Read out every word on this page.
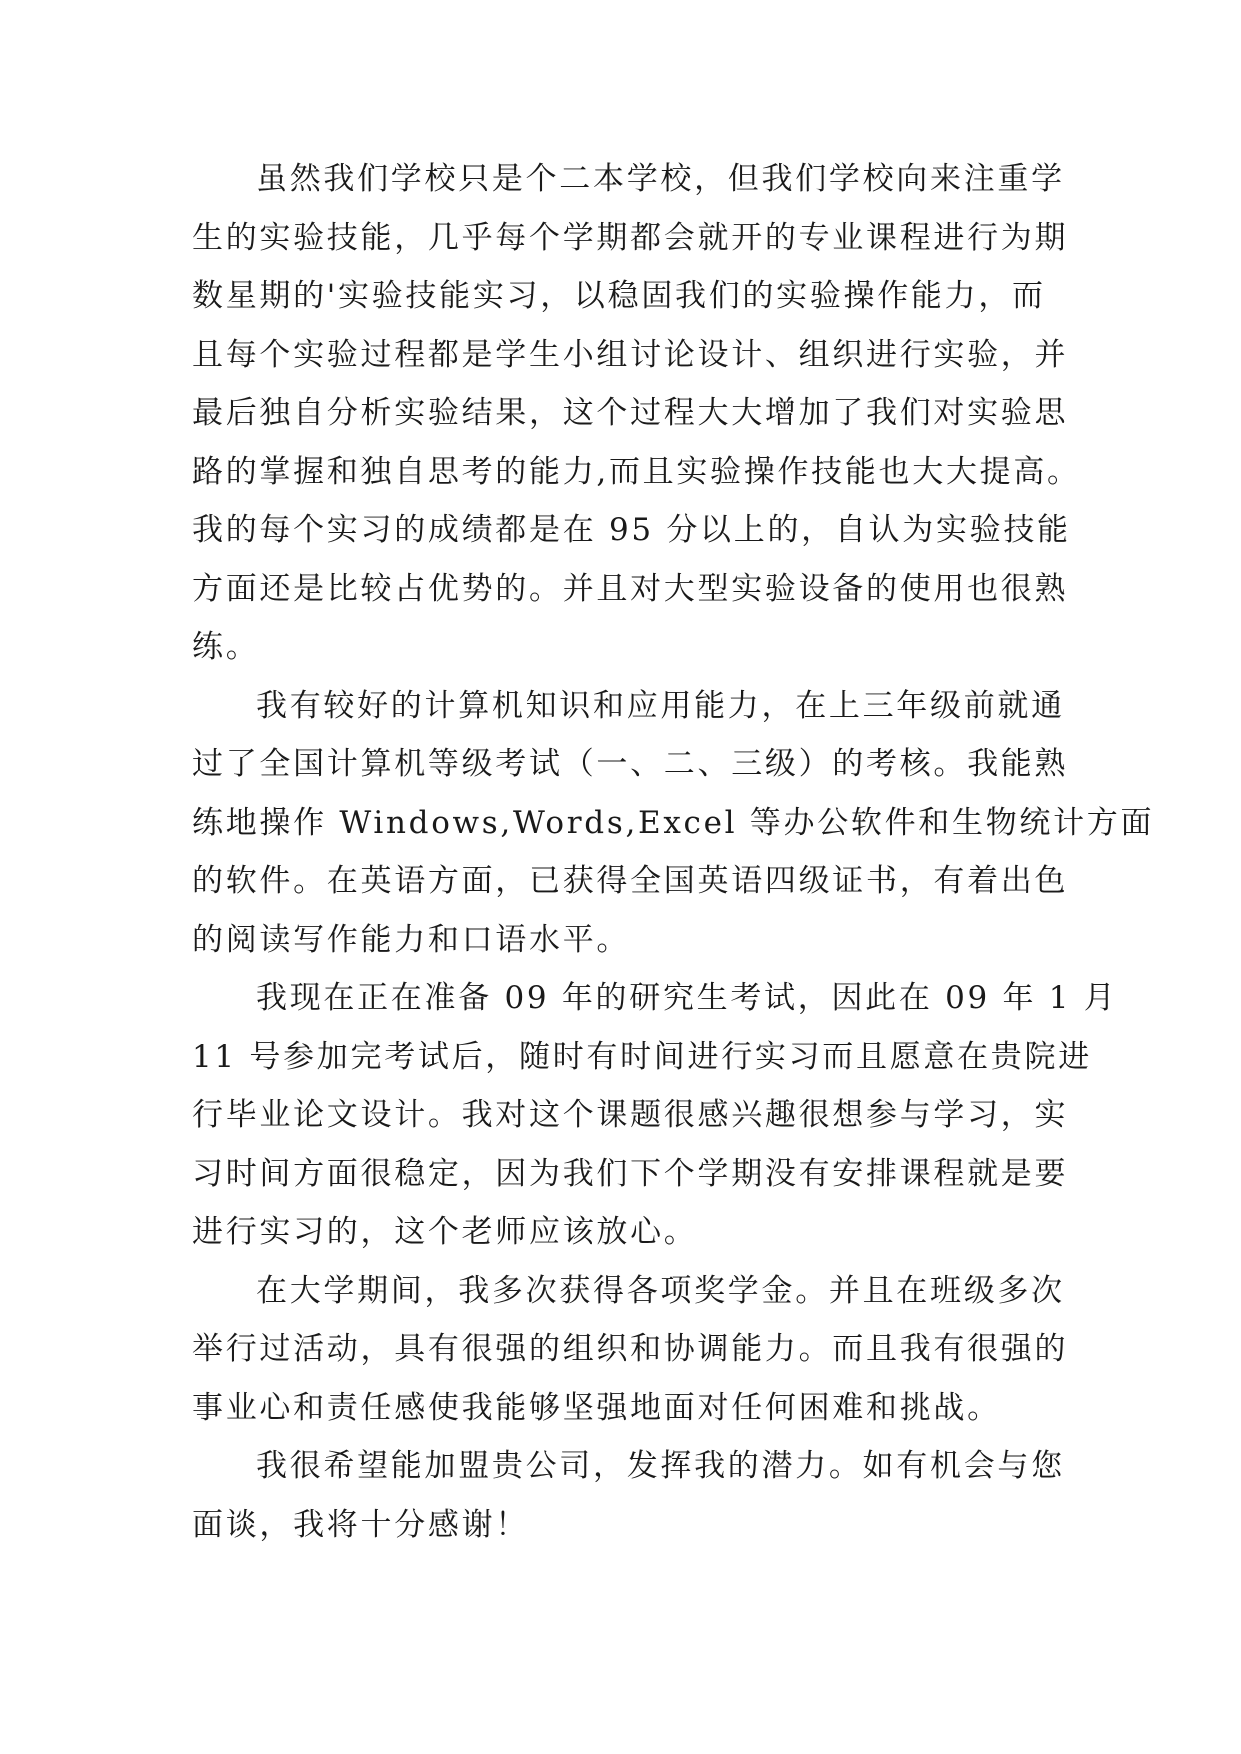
虽然我们学校只是个二本学校，但我们学校向来注重学
生的实验技能，几乎每个学期都会就开的专业课程进行为期
数星期的'实验技能实习，以稳固我们的实验操作能力，而
且每个实验过程都是学生小组讨论设计、组织进行实验，并
最后独自分析实验结果，这个过程大大增加了我们对实验思
路的掌握和独自思考的能力,而且实验操作技能也大大提高。
我的每个实习的成绩都是在 95 分以上的，自认为实验技能
方面还是比较占优势的。并且对大型实验设备的使用也很熟
练。
我有较好的计算机知识和应用能力，在上三年级前就通
过了全国计算机等级考试（一、二、三级）的考核。我能熟
练地操作 Windows,Words,Excel 等办公软件和生物统计方面
的软件。在英语方面，已获得全国英语四级证书，有着出色
的阅读写作能力和口语水平。
我现在正在准备 09 年的研究生考试，因此在 09 年 1 月
11 号参加完考试后，随时有时间进行实习而且愿意在贵院进
行毕业论文设计。我对这个课题很感兴趣很想参与学习，实
习时间方面很稳定，因为我们下个学期没有安排课程就是要
进行实习的，这个老师应该放心。
在大学期间，我多次获得各项奖学金。并且在班级多次
举行过活动，具有很强的组织和协调能力。而且我有很强的
事业心和责任感使我能够坚强地面对任何困难和挑战。
我很希望能加盟贵公司，发挥我的潜力。如有机会与您
面谈，我将十分感谢！
